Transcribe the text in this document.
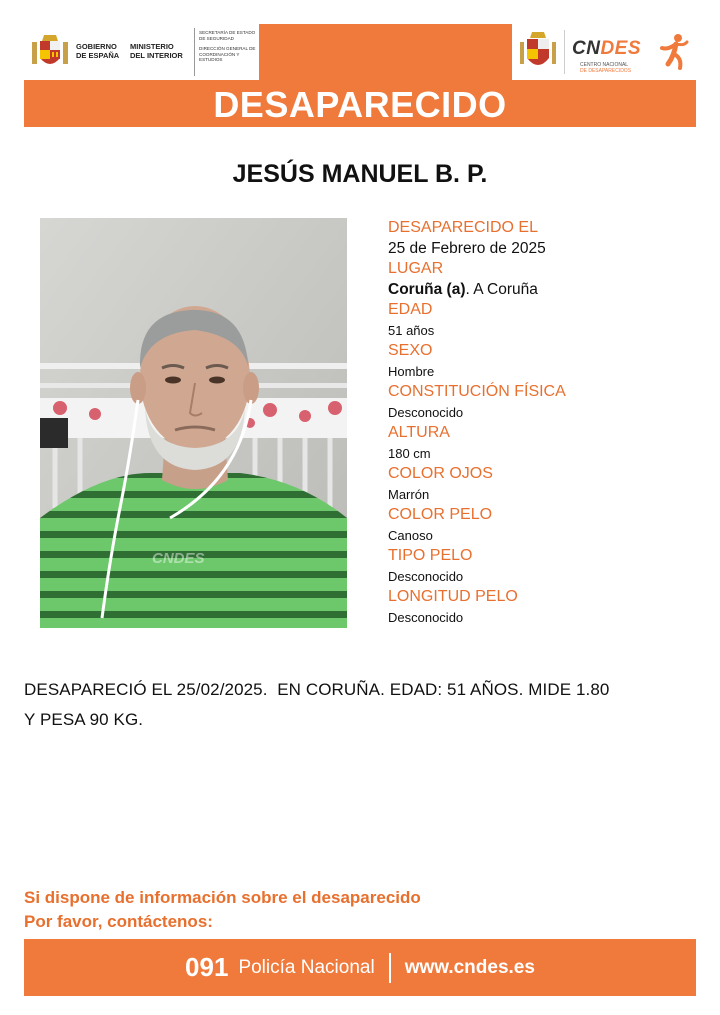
GOBIERNO
DE ESPAÑA
MINISTERIO
DEL INTERIOR
SECRETARÍA DE ESTADO DE SEGURIDAD
DIRECCIÓN GENERAL DE COORDINACIÓN Y ESTUDIOS
CNDES
CENTRO NACIONAL
DE DESAPARECIDOS
DESAPARECIDO
JESÚS MANUEL B. P.
CNDES
DESAPARECIDO EL
25 de Febrero de 2025
LUGAR
Coruña (a). A Coruña
EDAD
51 años
SEXO
Hombre
CONSTITUCIÓN FÍSICA
Desconocido
ALTURA
180 cm
COLOR OJOS
Marrón
COLOR PELO
Canoso
TIPO PELO
Desconocido
LONGITUD PELO
Desconocido
DESAPARECIÓ EL 25/02/2025.  EN CORUÑA. EDAD: 51 AÑOS. MIDE 1.80
Y PESA 90 KG.
Si dispone de información sobre el desaparecido
Por favor, contáctenos:
091 Policía Nacional www.cndes.es
